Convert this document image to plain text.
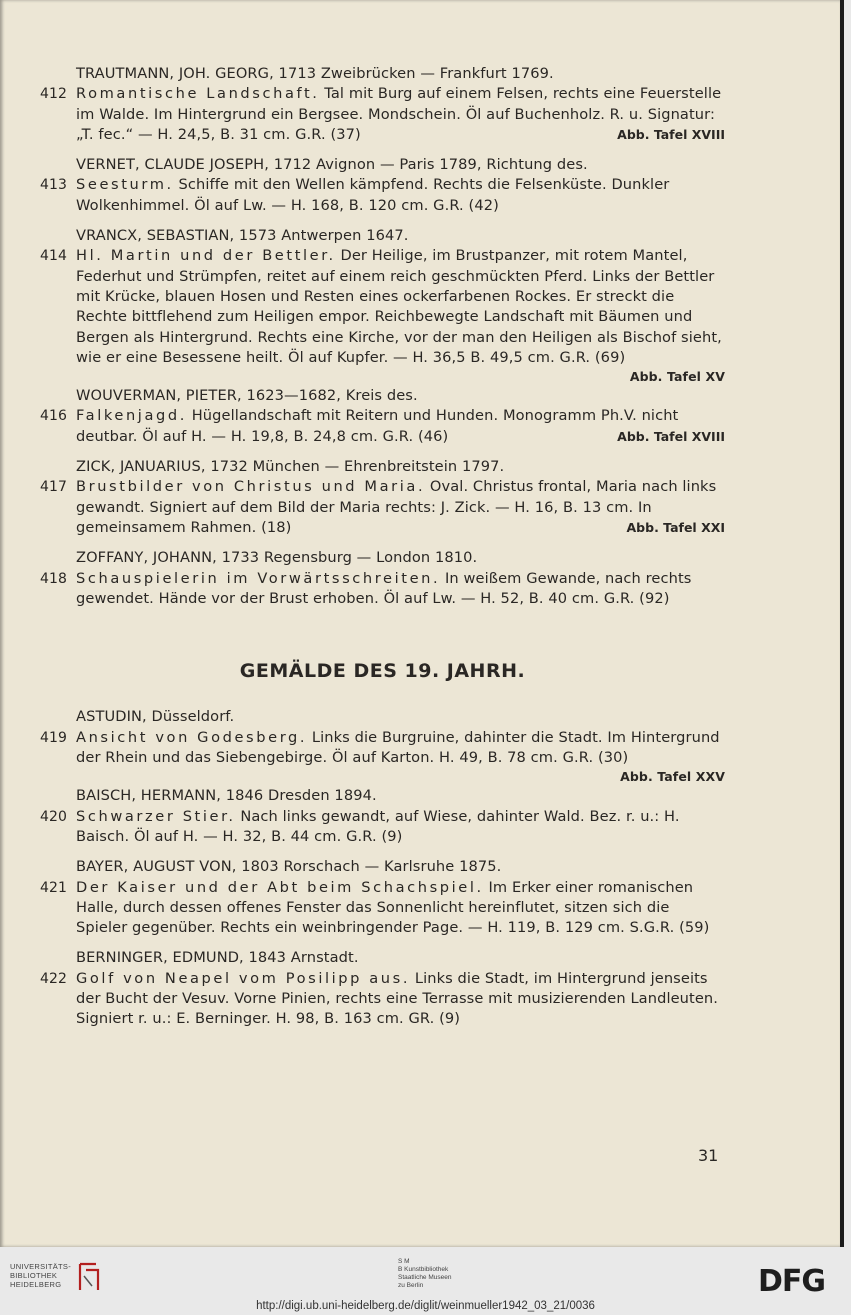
TRAUTMANN, JOH. GEORG, 1713 Zweibrücken — Frankfurt 1769.

412 Romantische Landschaft. Tal mit Burg auf einem Felsen, rechts eine Feuerstelle im Walde. Im Hintergrund ein Bergsee. Mondschein. Öl auf Buchenholz. R. u. Signatur: „T. fec.“ — H. 24,5, B. 31 cm. G.R. (37)	Abb. Tafel XVIII

VERNET, CLAUDE JOSEPH, 1712 Avignon — Paris 1789, Richtung des.

413 Seesturm. Schiffe mit den Wellen kämpfend. Rechts die Felsenküste. Dunkler Wolkenhimmel. Öl auf Lw. — H. 168, B. 120 cm. G.R. (42)

VRANCX, SEBASTIAN, 1573 Antwerpen 1647.

414 Hl. Martin und der Bettler. Der Heilige, im Brustpanzer, mit rotem Mantel, Federhut und Strümpfen, reitet auf einem reich geschmückten Pferd. Links der Bettler mit Krücke, blauen Hosen und Resten eines ockerfarbenen Rockes. Er streckt die Rechte bittflehend zum Heiligen empor. Reichbewegte Landschaft mit Bäumen und Bergen als Hintergrund. Rechts eine Kirche, vor der man den Heiligen als Bischof sieht, wie er eine Besessene heilt. Öl auf Kupfer. — H. 36,5 B. 49,5 cm. G.R. (69)
Abb. Tafel XV

WOUVERMAN, PIETER, 1623—1682, Kreis des.

416 Falkenjagd. Hügellandschaft mit Reitern und Hunden. Monogramm Ph.V. nicht deutbar. Öl auf H. — H. 19,8, B. 24,8 cm. G.R. (46)	Abb. Tafel XVIII

ZICK, JANUARIUS, 1732 München — Ehrenbreitstein 1797.

417 Brustbilder von Christus und Maria. Oval. Christus frontal, Maria nach links gewandt. Signiert auf dem Bild der Maria rechts: J. Zick. — H. 16, B. 13 cm. In gemeinsamem Rahmen. (18)	Abb. Tafel XXI

ZOFFANY, JOHANN, 1733 Regensburg — London 1810.

418 Schauspielerin im Vorwärtsschreiten. In weißem Gewande, nach rechts gewendet. Hände vor der Brust erhoben. Öl auf Lw. — H. 52, B. 40 cm. G.R. (92)
GEMÄLDE DES 19. JAHRH.

ASTUDIN, Düsseldorf.

419 Ansicht von Godesberg. Links die Burgruine, dahinter die Stadt. Im Hintergrund der Rhein und das Siebengebirge. Öl auf Karton. H. 49, B. 78 cm. G.R. (30)
Abb. Tafel XXV

BAISCH, HERMANN, 1846 Dresden 1894.

420 Schwarzer Stier. Nach links gewandt, auf Wiese, dahinter Wald. Bez. r. u.: H. Baisch. Öl auf H. — H. 32, B. 44 cm. G.R. (9)

BAYER, AUGUST VON, 1803 Rorschach — Karlsruhe 1875.

421 Der Kaiser und der Abt beim Schachspiel. Im Erker einer romanischen Halle, durch dessen offenes Fenster das Sonnenlicht hereinflutet, sitzen sich die Spieler gegenüber. Rechts ein weinbringender Page. — H. 119, B. 129 cm. S.G.R. (59)

BERNINGER, EDMUND, 1843 Arnstadt.

422 Golf von Neapel vom Posilipp aus. Links die Stadt, im Hintergrund jenseits der Bucht der Vesuv. Vorne Pinien, rechts eine Terrasse mit musizierenden Landleuten. Signiert r. u.: E. Berninger. H. 98, B. 163 cm. GR. (9)
31
UNIVERSITÄTS-
BIBLIOTHEK
HEIDELBERG
S M
B Kunstbibliothek
Staatliche Museen
zu Berlin	DFG
http://digi.ub.uni-heidelberg.de/diglit/weinmueller1942_03_21/0036
